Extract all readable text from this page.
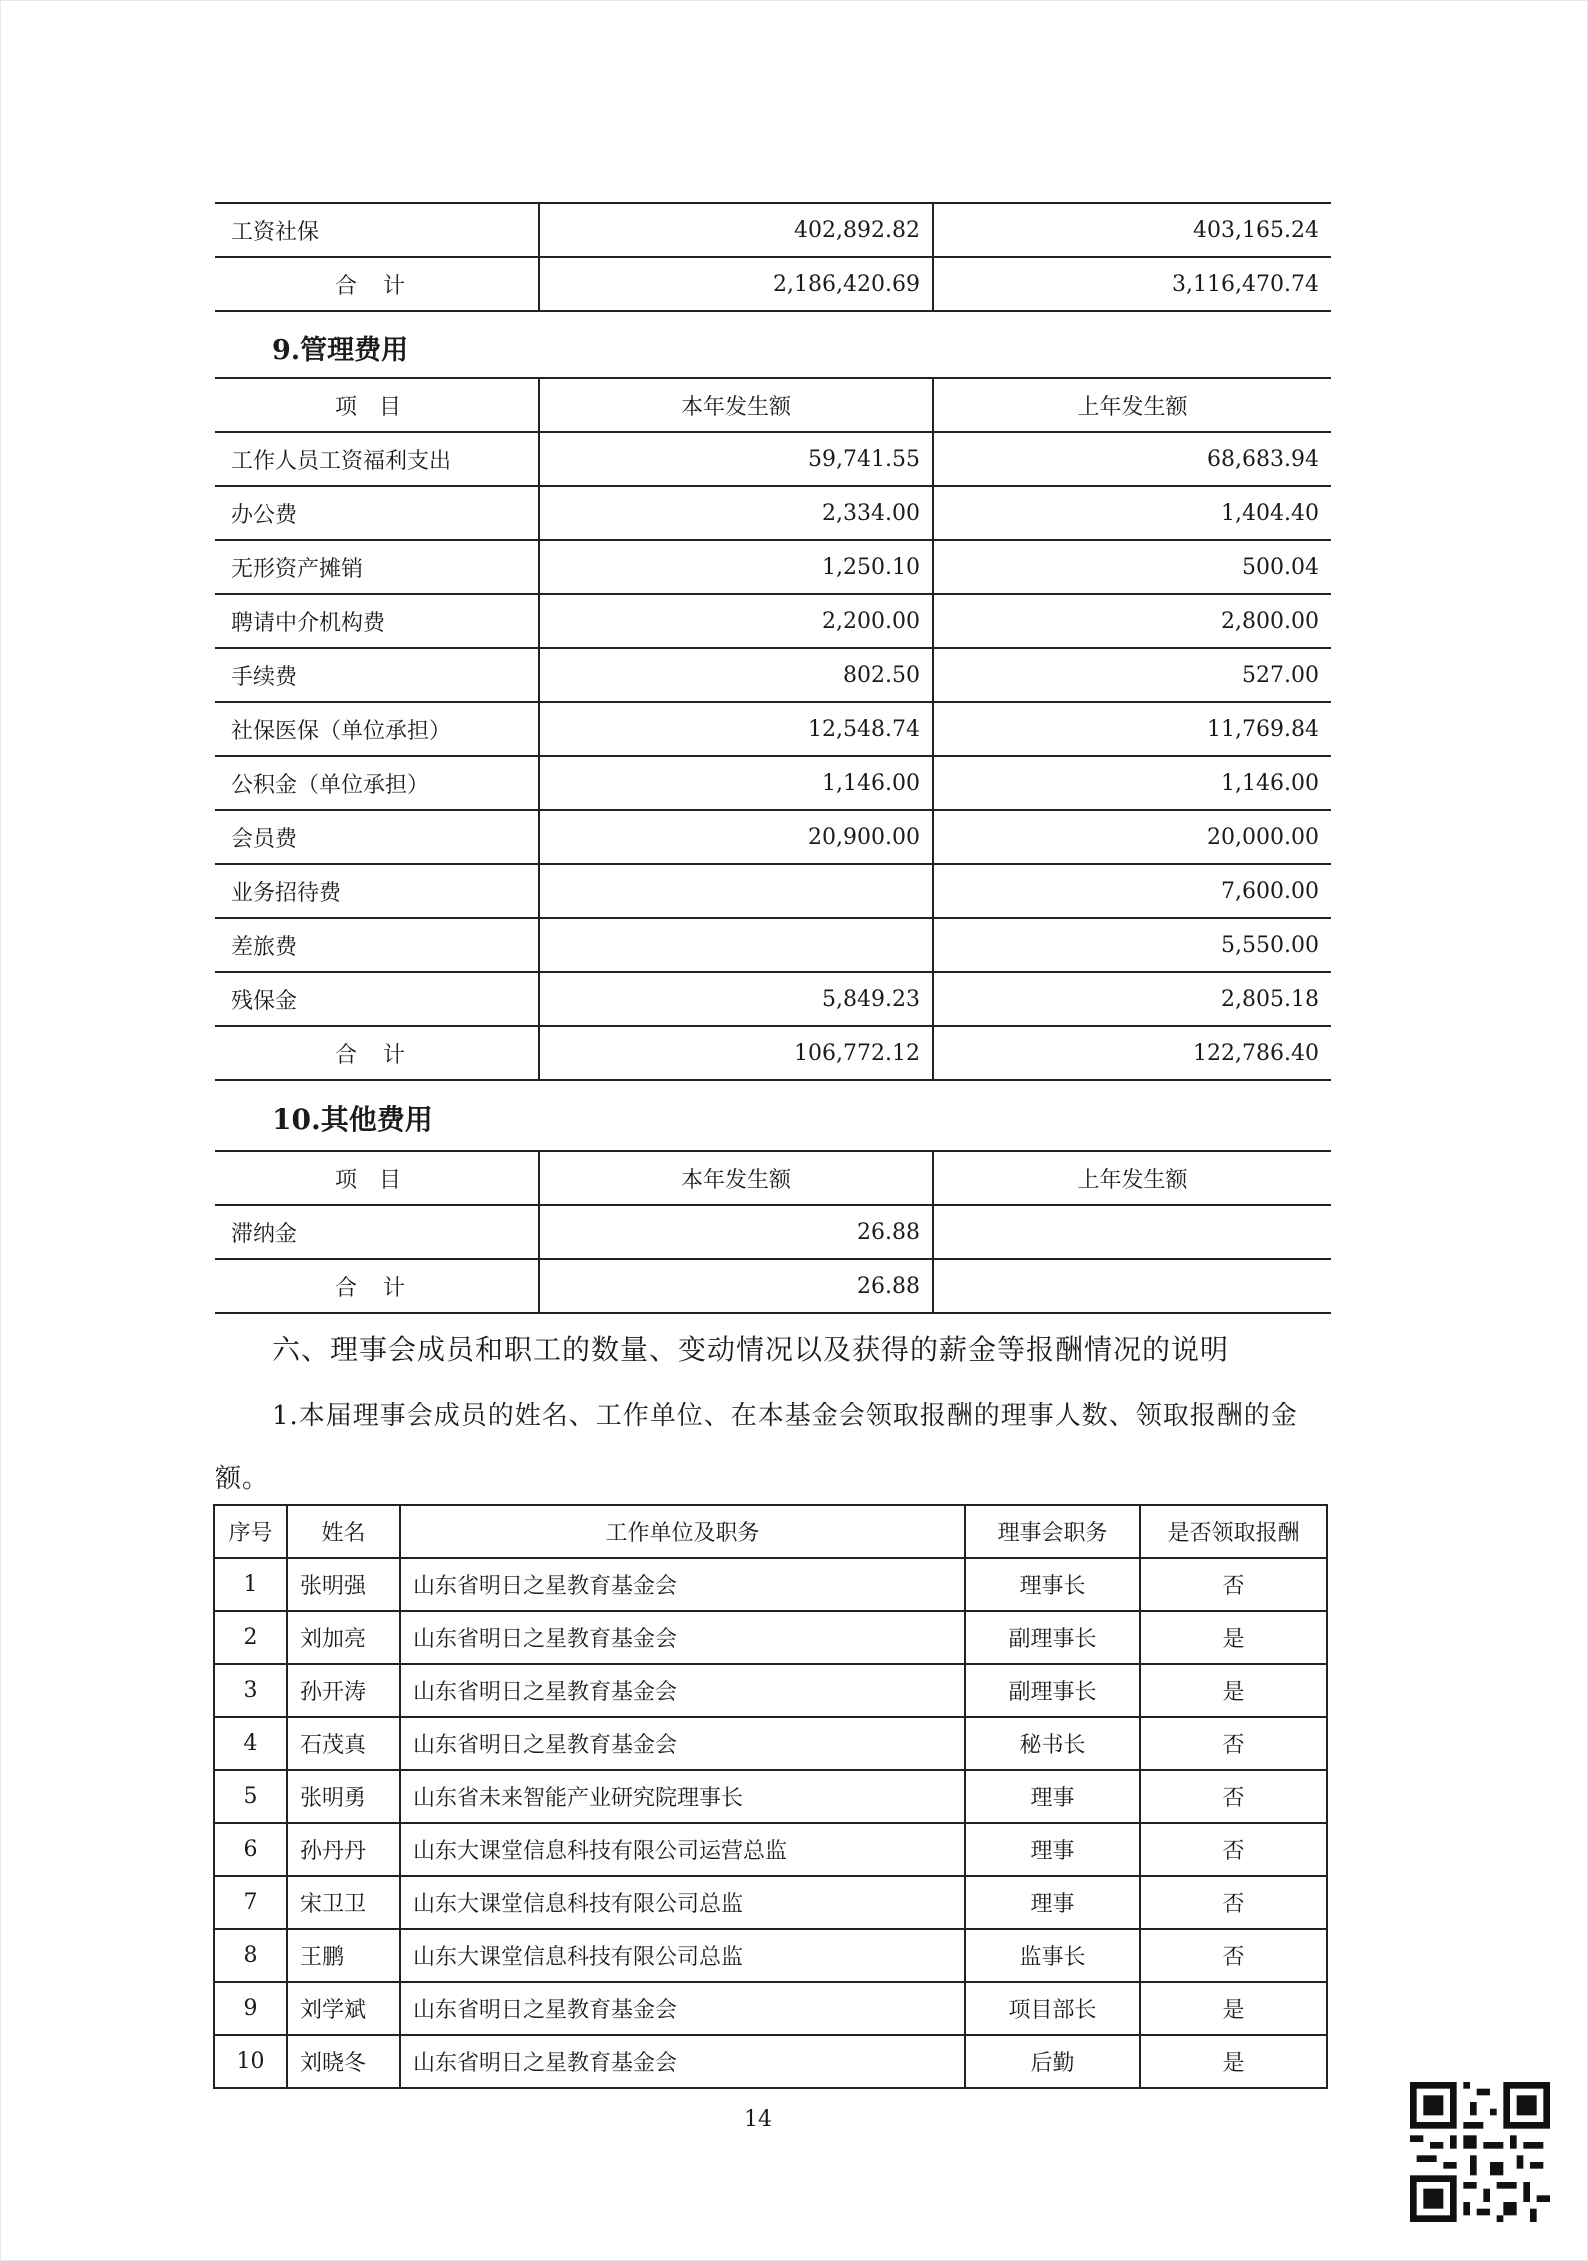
工资社保	402,892.82	403,165.24
合　计	2,186,420.69	3,116,470.74
9.管理费用
项　目	本年发生额	上年发生额
工作人员工资福利支出	59,741.55	68,683.94
办公费	2,334.00	1,404.40
无形资产摊销	1,250.10	500.04
聘请中介机构费	2,200.00	2,800.00
手续费	802.50	527.00
社保医保（单位承担）	12,548.74	11,769.84
公积金（单位承担）	1,146.00	1,146.00
会员费	20,900.00	20,000.00
业务招待费		7,600.00
差旅费		5,550.00
残保金	5,849.23	2,805.18
合　计	106,772.12	122,786.40
10.其他费用
项　目	本年发生额	上年发生额
滞纳金	26.88	
合　计	26.88	
六、理事会成员和职工的数量、变动情况以及获得的薪金等报酬情况的说明
1.本届理事会成员的姓名、工作单位、在本基金会领取报酬的理事人数、领取报酬的金
额。
序号	姓名	工作单位及职务	理事会职务	是否领取报酬
1	张明强	山东省明日之星教育基金会	理事长	否
2	刘加亮	山东省明日之星教育基金会	副理事长	是
3	孙开涛	山东省明日之星教育基金会	副理事长	是
4	石茂真	山东省明日之星教育基金会	秘书长	否
5	张明勇	山东省未来智能产业研究院理事长	理事	否
6	孙丹丹	山东大课堂信息科技有限公司运营总监	理事	否
7	宋卫卫	山东大课堂信息科技有限公司总监	理事	否
8	王鹏	山东大课堂信息科技有限公司总监	监事长	否
9	刘学斌	山东省明日之星教育基金会	项目部长	是
10	刘晓冬	山东省明日之星教育基金会	后勤	是
14
